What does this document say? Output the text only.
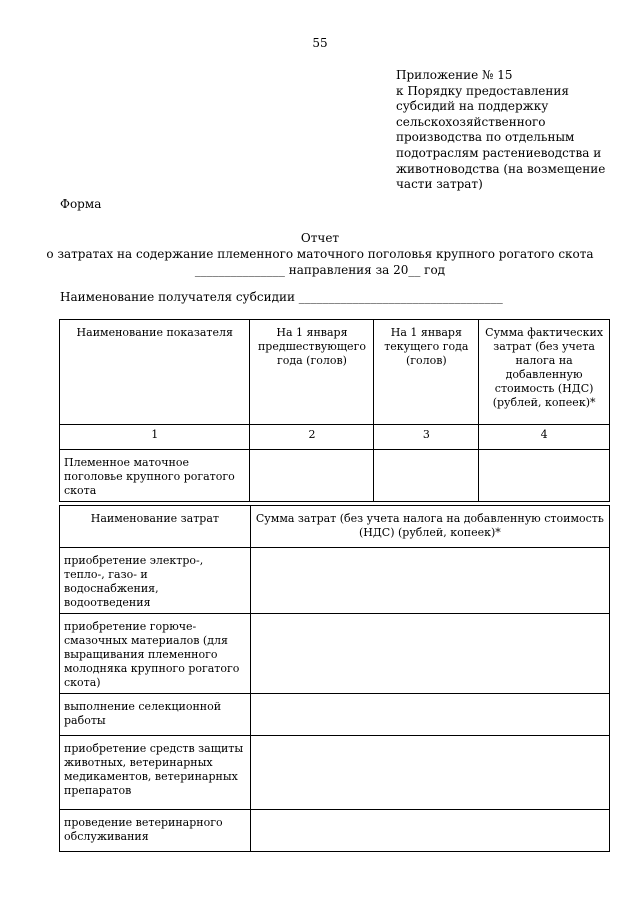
55
Приложение № 15
к Порядку предоставления
субсидий на поддержку
сельскохозяйственного
производства по отдельным
подотраслям растениеводства и
животноводства (на возмещение
части затрат)
Форма
Отчет
о затратах на содержание племенного маточного поголовья крупного рогатого скота
_______________ направления за 20__ год
Наименование получателя субсидии __________________________________
Наименование показателя	На 1 января предшествующего года (голов)	На 1 января текущего года (голов)	Сумма фактических затрат (без учета налога на добавленную стоимость (НДС) (рублей, копеек)*
1	2	3	4
Племенное маточное поголовье крупного рогатого скота			
Наименование затрат	Сумма затрат (без учета налога на добавленную стоимость (НДС) (рублей, копеек)*
приобретение электро-, тепло-, газо- и водоснабжения, водоотведения	
приобретение горюче-смазочных материалов (для выращивания племенного молодняка крупного рогатого скота)	
выполнение селекционной работы	
приобретение средств защиты животных, ветеринарных медикаментов, ветеринарных препаратов	
проведение ветеринарного обслуживания	
